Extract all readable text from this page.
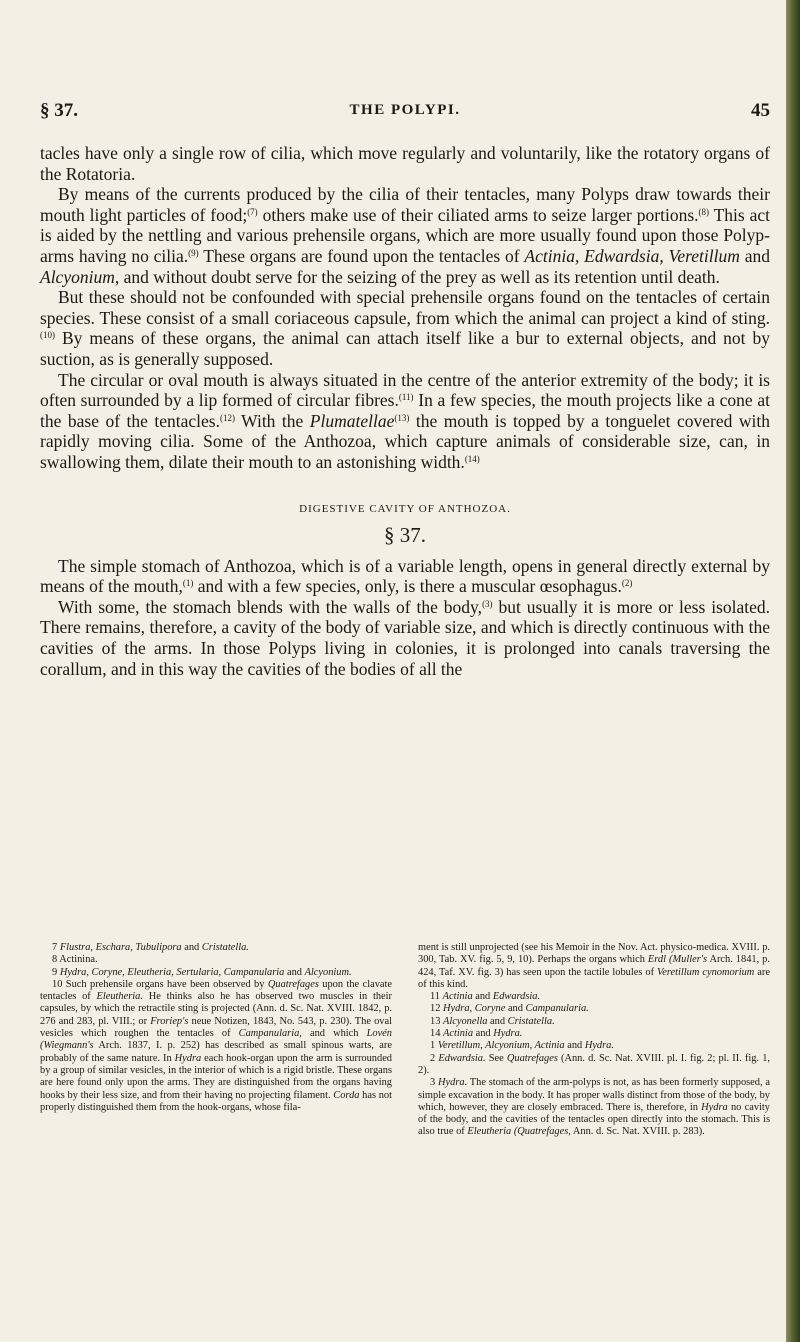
§ 37.	THE POLYPI.	45

tacles have only a single row of cilia, which move regularly and voluntarily, like the rotatory organs of the Rotatoria.

By means of the currents produced by the cilia of their tentacles, many Polyps draw towards their mouth light particles of food;$^{(7)}$ others make use of their ciliated arms to seize larger portions.$^{(8)}$ This act is aided by the nettling and various prehensile organs, which are more usually found upon those Polyp-arms having no cilia.$^{(9)}$ These organs are found upon the tentacles of Actinia, Edwardsia, Veretillum and Alcyonium, and without doubt serve for the seizing of the prey as well as its retention until death.

But these should not be confounded with special prehensile organs found on the tentacles of certain species. These consist of a small coriaceous capsule, from which the animal can project a kind of sting.$^{(10)}$ By means of these organs, the animal can attach itself like a bur to external objects, and not by suction, as is generally supposed.

The circular or oval mouth is always situated in the centre of the anterior extremity of the body; it is often surrounded by a lip formed of circular fibres.$^{(11)}$ In a few species, the mouth projects like a cone at the base of the tentacles.$^{(12)}$ With the Plumatellae$^{(13)}$ the mouth is topped by a tonguelet covered with rapidly moving cilia. Some of the Anthozoa, which capture animals of considerable size, can, in swallowing them, dilate their mouth to an astonishing width.$^{(14)}$

DIGESTIVE CAVITY OF ANTHOZOA.
§ 37.

The simple stomach of Anthozoa, which is of a variable length, opens in general directly external by means of the mouth,$^{(1)}$ and with a few species, only, is there a muscular œsophagus.$^{(2)}$

With some, the stomach blends with the walls of the body,$^{(3)}$ but usually it is more or less isolated. There remains, therefore, a cavity of the body of variable size, and which is directly continuous with the cavities of the arms. In those Polyps living in colonies, it is prolonged into canals traversing the corallum, and in this way the cavities of the bodies of all the

7 Flustra, Eschara, Tubulipora and Cristatella.

8 Actinina.

9 Hydra, Coryne, Eleutheria, Sertularia, Campanularia and Alcyonium.

10 Such prehensile organs have been observed by Quatrefages upon the clavate tentacles of Eleutheria. He thinks also he has observed two muscles in their capsules, by which the retractile sting is projected (Ann. d. Sc. Nat. XVIII. 1842, p. 276 and 283, pl. VIII.; or Froriep's neue Notizen, 1843, No. 543, p. 230). The oval vesicles which roughen the tentacles of Campanularia, and which Lovén (Wiegmann's Arch. 1837, I. p. 252) has described as small spinous warts, are probably of the same nature. In Hydra each hook-organ upon the arm is surrounded by a group of similar vesicles, in the interior of which is a rigid bristle. These organs are here found only upon the arms. They are distinguished from the organs having hooks by their less size, and from their having no projecting filament. Corda has not properly distinguished them from the hook-organs, whose fila-

ment is still unprojected (see his Memoir in the Nov. Act. physico-medica. XVIII. p. 300, Tab. XV. fig. 5, 9, 10). Perhaps the organs which Erdl (Muller's Arch. 1841, p. 424, Taf. XV. fig. 3) has seen upon the tactile lobules of Veretillum cynomorium are of this kind.

11 Actinia and Edwardsia.

12 Hydra, Coryne and Campanularia.

13 Alcyonella and Cristatella.

14 Actinia and Hydra.

1 Veretillum, Alcyonium, Actinia and Hydra.

2 Edwardsia. See Quatrefages (Ann. d. Sc. Nat. XVIII. pl. I. fig. 2; pl. II. fig. 1, 2).

3 Hydra. The stomach of the arm-polyps is not, as has been formerly supposed, a simple excavation in the body. It has proper walls distinct from those of the body, by which, however, they are closely embraced. There is, therefore, in Hydra no cavity of the body, and the cavities of the tentacles open directly into the stomach. This is also true of Eleutheria (Quatrefages, Ann. d. Sc. Nat. XVIII. p. 283).
